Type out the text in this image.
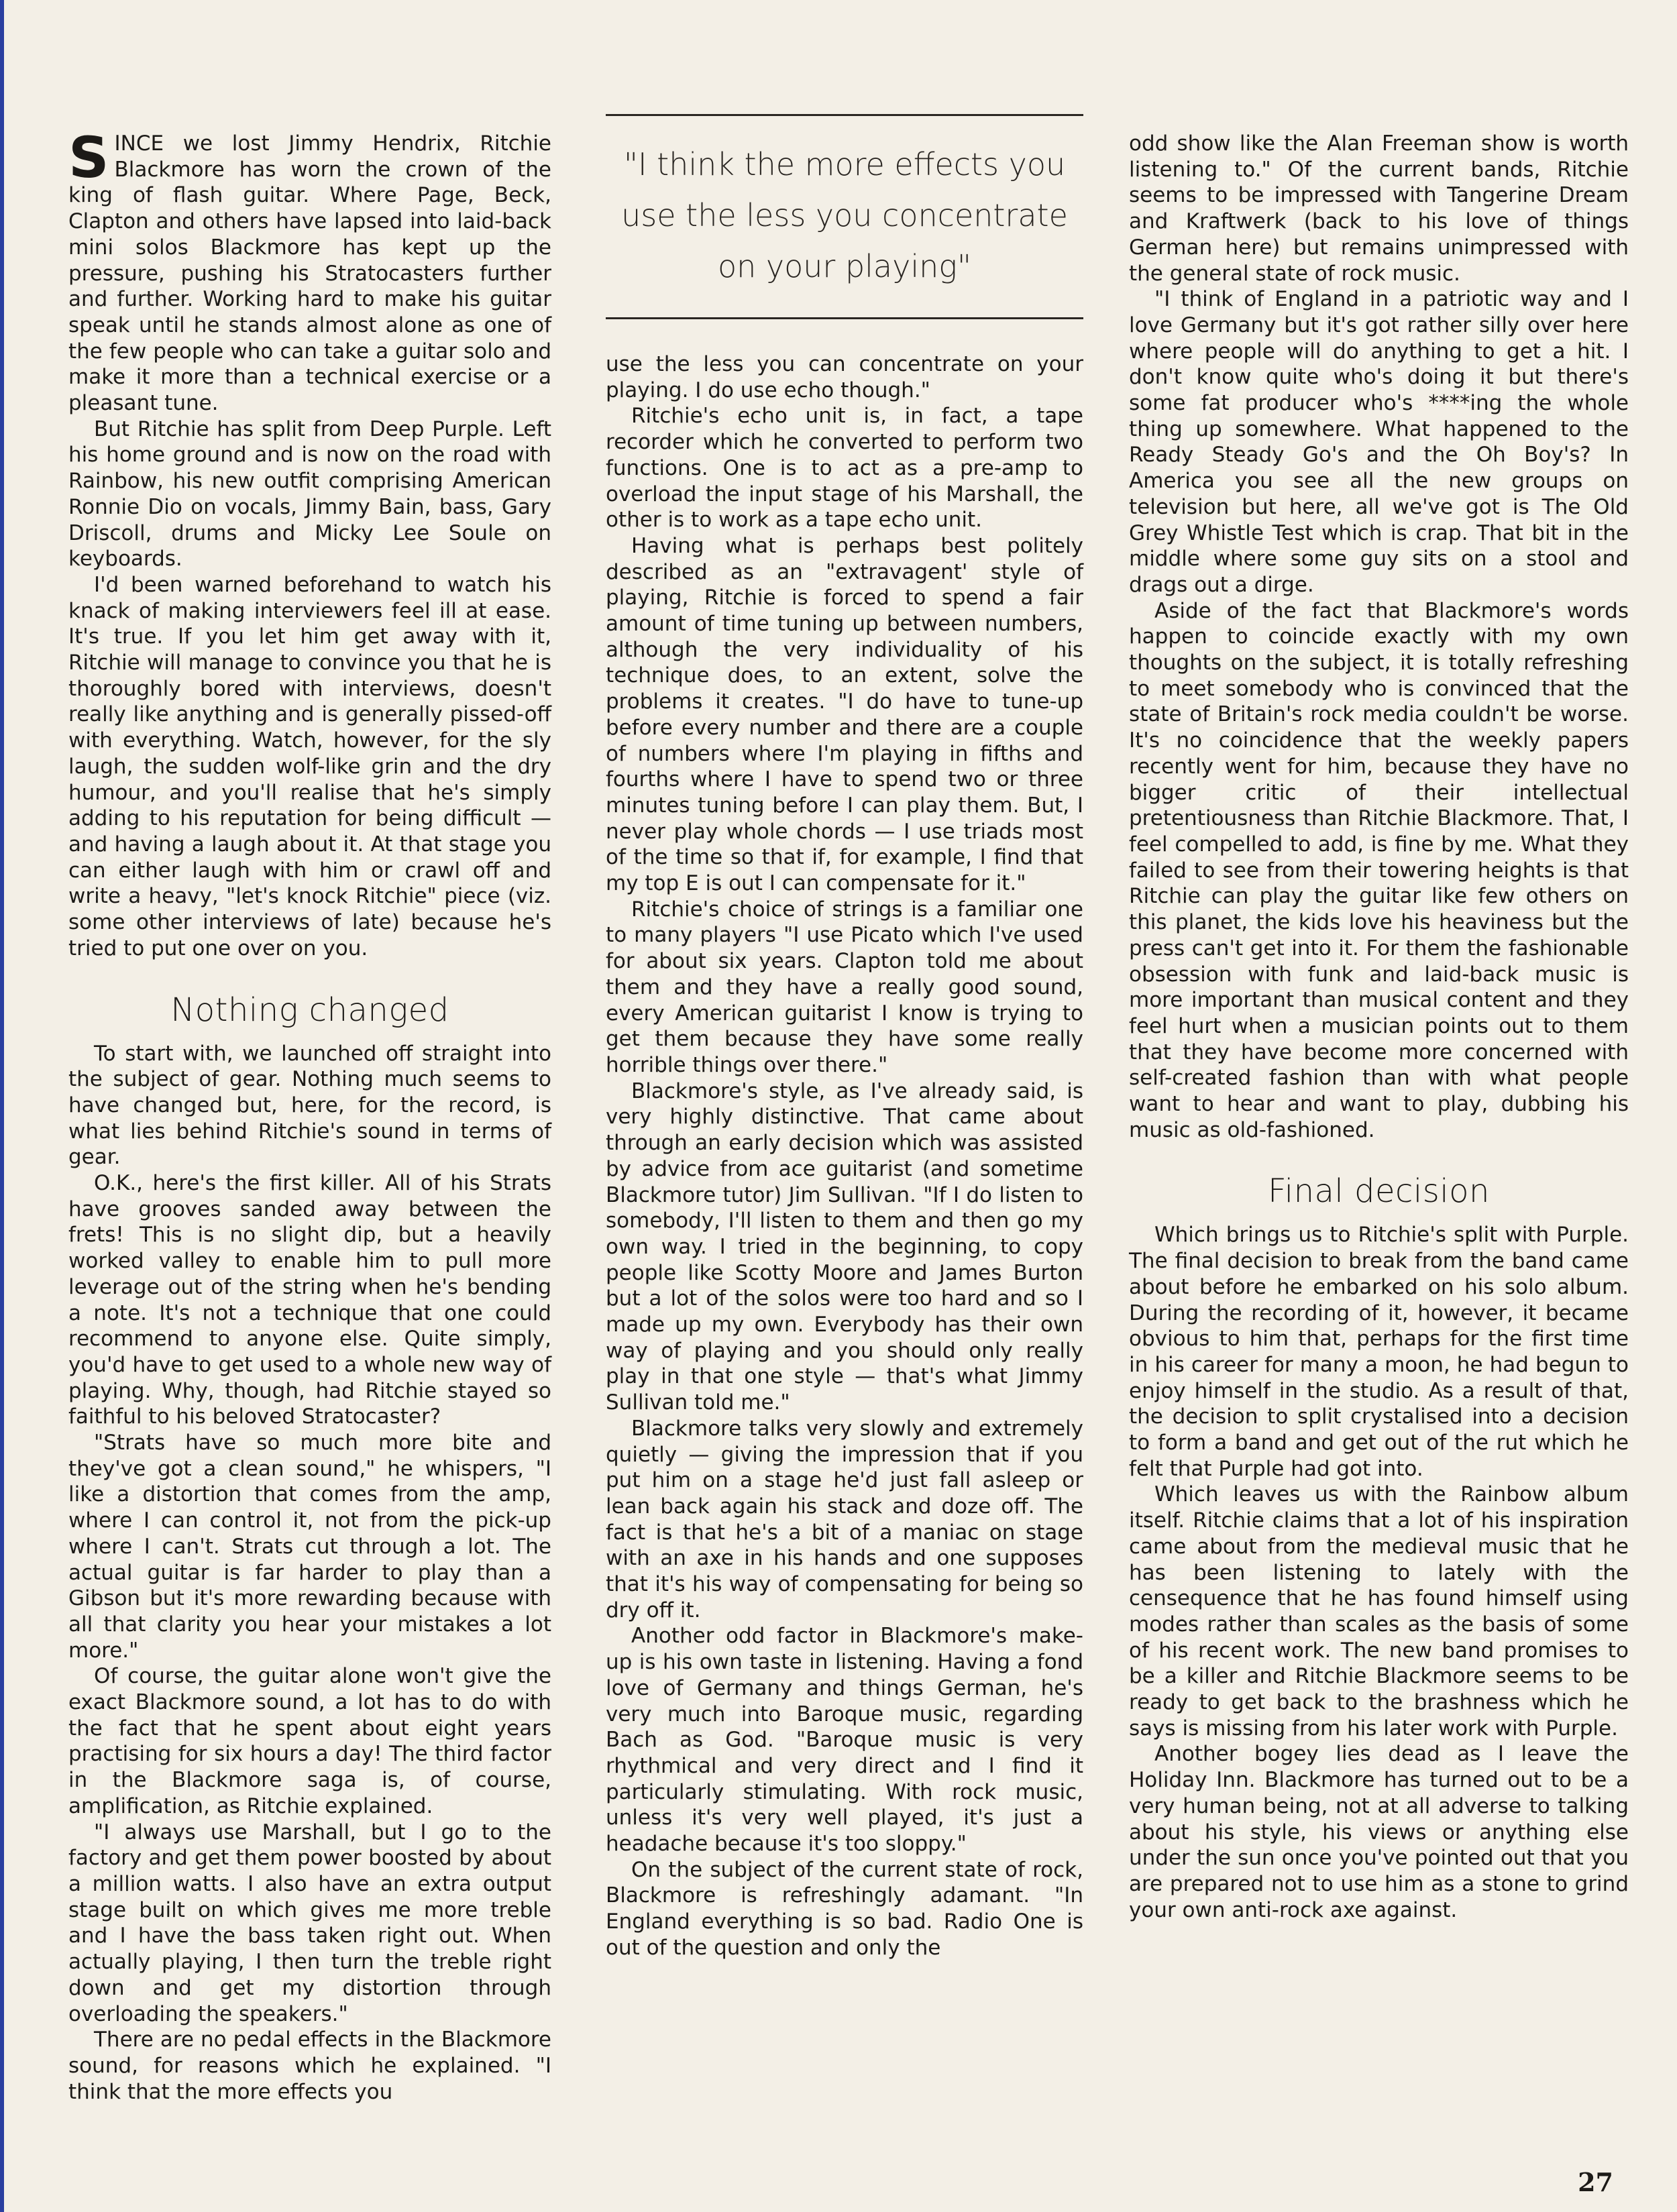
SINCE we lost Jimmy Hendrix, Ritchie Blackmore has worn the crown of the king of flash guitar. Where Page, Beck, Clapton and others have lapsed into laid-back mini solos Blackmore has kept up the pressure, pushing his Stratocasters further and further. Working hard to make his guitar speak until he stands almost alone as one of the few people who can take a guitar solo and make it more than a technical exercise or a pleasant tune.

But Ritchie has split from Deep Purple. Left his home ground and is now on the road with Rainbow, his new outfit comprising American Ronnie Dio on vocals, Jimmy Bain, bass, Gary Driscoll, drums and Micky Lee Soule on keyboards.

I'd been warned beforehand to watch his knack of making interviewers feel ill at ease. It's true. If you let him get away with it, Ritchie will manage to convince you that he is thoroughly bored with interviews, doesn't really like anything and is generally pissed-off with everything. Watch, however, for the sly laugh, the sudden wolf-like grin and the dry humour, and you'll realise that he's simply adding to his reputation for being difficult — and having a laugh about it. At that stage you can either laugh with him or crawl off and write a heavy, "let's knock Ritchie" piece (viz. some other interviews of late) because he's tried to put one over on you.

Nothing changed

To start with, we launched off straight into the subject of gear. Nothing much seems to have changed but, here, for the record, is what lies behind Ritchie's sound in terms of gear.

O.K., here's the first killer. All of his Strats have grooves sanded away between the frets! This is no slight dip, but a heavily worked valley to enable him to pull more leverage out of the string when he's bending a note. It's not a technique that one could recommend to anyone else. Quite simply, you'd have to get used to a whole new way of playing. Why, though, had Ritchie stayed so faithful to his beloved Stratocaster?

"Strats have so much more bite and they've got a clean sound," he whispers, "I like a distortion that comes from the amp, where I can control it, not from the pick-up where I can't. Strats cut through a lot. The actual guitar is far harder to play than a Gibson but it's more rewarding because with all that clarity you hear your mistakes a lot more."

Of course, the guitar alone won't give the exact Blackmore sound, a lot has to do with the fact that he spent about eight years practising for six hours a day! The third factor in the Blackmore saga is, of course, amplification, as Ritchie explained.

"I always use Marshall, but I go to the factory and get them power boosted by about a million watts. I also have an extra output stage built on which gives me more treble and I have the bass taken right out. When actually playing, I then turn the treble right down and get my distortion through overloading the speakers."

There are no pedal effects in the Blackmore sound, for reasons which he explained. "I think that the more effects you

"I think the more effects you use the less you concentrate on your playing"

use the less you can concentrate on your playing. I do use echo though."

Ritchie's echo unit is, in fact, a tape recorder which he converted to perform two functions. One is to act as a pre-amp to overload the input stage of his Marshall, the other is to work as a tape echo unit.

Having what is perhaps best politely described as an "extravagent' style of playing, Ritchie is forced to spend a fair amount of time tuning up between numbers, although the very individuality of his technique does, to an extent, solve the problems it creates. "I do have to tune-up before every number and there are a couple of numbers where I'm playing in fifths and fourths where I have to spend two or three minutes tuning before I can play them. But, I never play whole chords — I use triads most of the time so that if, for example, I find that my top E is out I can compensate for it."

Ritchie's choice of strings is a familiar one to many players "I use Picato which I've used for about six years. Clapton told me about them and they have a really good sound, every American guitarist I know is trying to get them because they have some really horrible things over there."

Blackmore's style, as I've already said, is very highly distinctive. That came about through an early decision which was assisted by advice from ace guitarist (and sometime Blackmore tutor) Jim Sullivan. "If I do listen to somebody, I'll listen to them and then go my own way. I tried in the beginning, to copy people like Scotty Moore and James Burton but a lot of the solos were too hard and so I made up my own. Everybody has their own way of playing and you should only really play in that one style — that's what Jimmy Sullivan told me."

Blackmore talks very slowly and extremely quietly — giving the impression that if you put him on a stage he'd just fall asleep or lean back again his stack and doze off. The fact is that he's a bit of a maniac on stage with an axe in his hands and one supposes that it's his way of compensating for being so dry off it.

Another odd factor in Blackmore's make-up is his own taste in listening. Having a fond love of Germany and things German, he's very much into Baroque music, regarding Bach as God. "Baroque music is very rhythmical and very direct and I find it particularly stimulating. With rock music, unless it's very well played, it's just a headache because it's too sloppy."

On the subject of the current state of rock, Blackmore is refreshingly adamant. "In England everything is so bad. Radio One is out of the question and only the

odd show like the Alan Freeman show is worth listening to." Of the current bands, Ritchie seems to be impressed with Tangerine Dream and Kraftwerk (back to his love of things German here) but remains unimpressed with the general state of rock music.

"I think of England in a patriotic way and I love Germany but it's got rather silly over here where people will do anything to get a hit. I don't know quite who's doing it but there's some fat producer who's ****ing the whole thing up somewhere. What happened to the Ready Steady Go's and the Oh Boy's? In America you see all the new groups on television but here, all we've got is The Old Grey Whistle Test which is crap. That bit in the middle where some guy sits on a stool and drags out a dirge.

Aside of the fact that Blackmore's words happen to coincide exactly with my own thoughts on the subject, it is totally refreshing to meet somebody who is convinced that the state of Britain's rock media couldn't be worse. It's no coincidence that the weekly papers recently went for him, because they have no bigger critic of their intellectual pretentiousness than Ritchie Blackmore. That, I feel compelled to add, is fine by me. What they failed to see from their towering heights is that Ritchie can play the guitar like few others on this planet, the kids love his heaviness but the press can't get into it. For them the fashionable obsession with funk and laid-back music is more important than musical content and they feel hurt when a musician points out to them that they have become more concerned with self-created fashion than with what people want to hear and want to play, dubbing his music as old-fashioned.

Final decision

Which brings us to Ritchie's split with Purple. The final decision to break from the band came about before he embarked on his solo album. During the recording of it, however, it became obvious to him that, perhaps for the first time in his career for many a moon, he had begun to enjoy himself in the studio. As a result of that, the decision to split crystalised into a decision to form a band and get out of the rut which he felt that Purple had got into.

Which leaves us with the Rainbow album itself. Ritchie claims that a lot of his inspiration came about from the medieval music that he has been listening to lately with the censequence that he has found himself using modes rather than scales as the basis of some of his recent work. The new band promises to be a killer and Ritchie Blackmore seems to be ready to get back to the brashness which he says is missing from his later work with Purple.

Another bogey lies dead as I leave the Holiday Inn. Blackmore has turned out to be a very human being, not at all adverse to talking about his style, his views or anything else under the sun once you've pointed out that you are prepared not to use him as a stone to grind your own anti-rock axe against.

27
